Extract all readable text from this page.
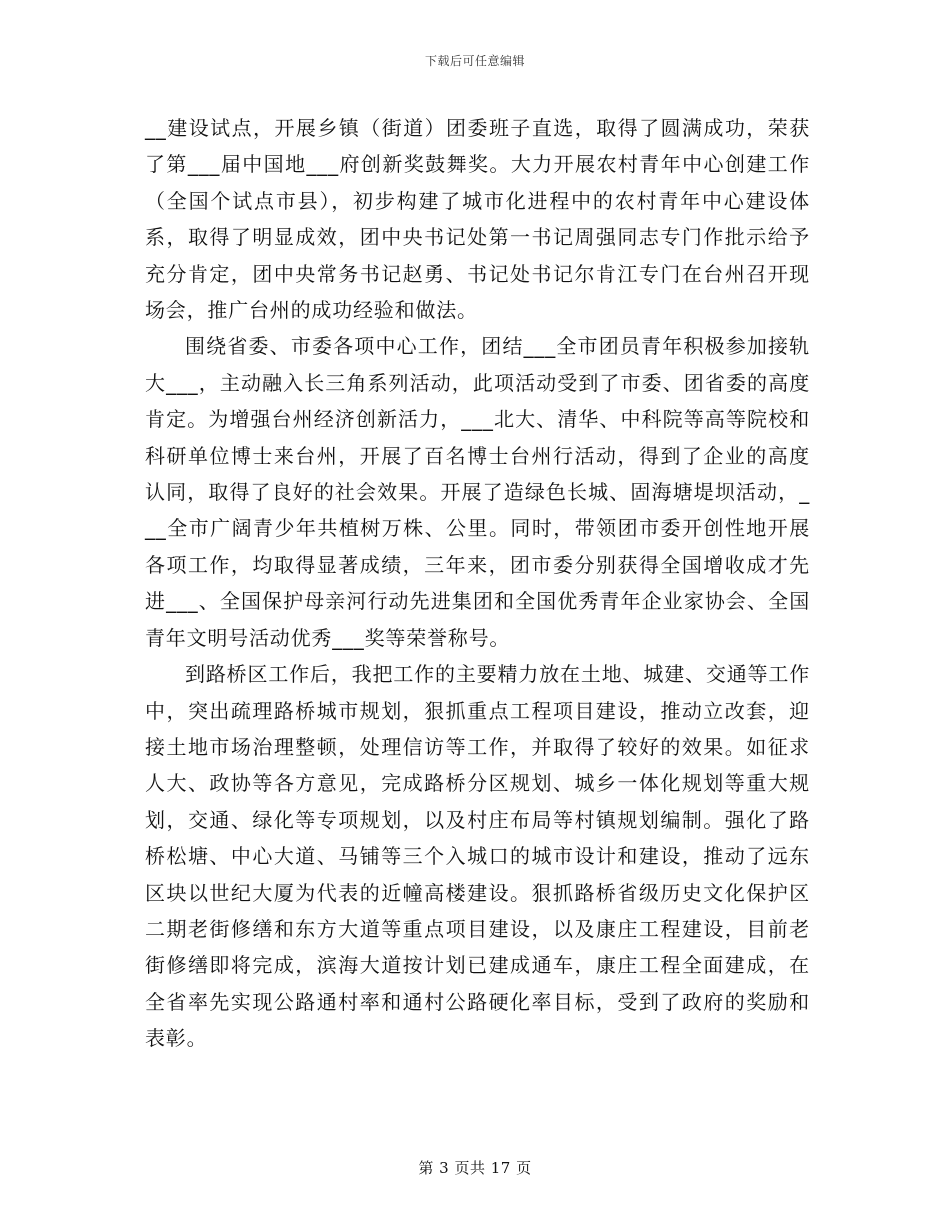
下载后可任意编辑

__建设试点，开展乡镇（街道）团委班子直选，取得了圆满成功，荣获了第___届中国地___府创新奖鼓舞奖。大力开展农村青年中心创建工作（全国个试点市县），初步构建了城市化进程中的农村青年中心建设体系，取得了明显成效，团中央书记处第一书记周强同志专门作批示给予充分肯定，团中央常务书记赵勇、书记处书记尔肯江专门在台州召开现场会，推广台州的成功经验和做法。

围绕省委、市委各项中心工作，团结___全市团员青年积极参加接轨大___，主动融入长三角系列活动，此项活动受到了市委、团省委的高度肯定。为增强台州经济创新活力，___北大、清华、中科院等高等院校和科研单位博士来台州，开展了百名博士台州行活动，得到了企业的高度认同，取得了良好的社会效果。开展了造绿色长城、固海塘堤坝活动，___全市广阔青少年共植树万株、公里。同时，带领团市委开创性地开展各项工作，均取得显著成绩，三年来，团市委分别获得全国增收成才先进___、全国保护母亲河行动先进集团和全国优秀青年企业家协会、全国青年文明号活动优秀___奖等荣誉称号。

到路桥区工作后，我把工作的主要精力放在土地、城建、交通等工作中，突出疏理路桥城市规划，狠抓重点工程项目建设，推动立改套，迎接土地市场治理整顿，处理信访等工作，并取得了较好的效果。如征求人大、政协等各方意见，完成路桥分区规划、城乡一体化规划等重大规划，交通、绿化等专项规划，以及村庄布局等村镇规划编制。强化了路桥松塘、中心大道、马铺等三个入城口的城市设计和建设，推动了远东区块以世纪大厦为代表的近幢高楼建设。狠抓路桥省级历史文化保护区二期老街修缮和东方大道等重点项目建设，以及康庄工程建设，目前老街修缮即将完成，滨海大道按计划已建成通车，康庄工程全面建成，在全省率先实现公路通村率和通村公路硬化率目标，受到了政府的奖励和表彰。

第 3 页共 17 页
